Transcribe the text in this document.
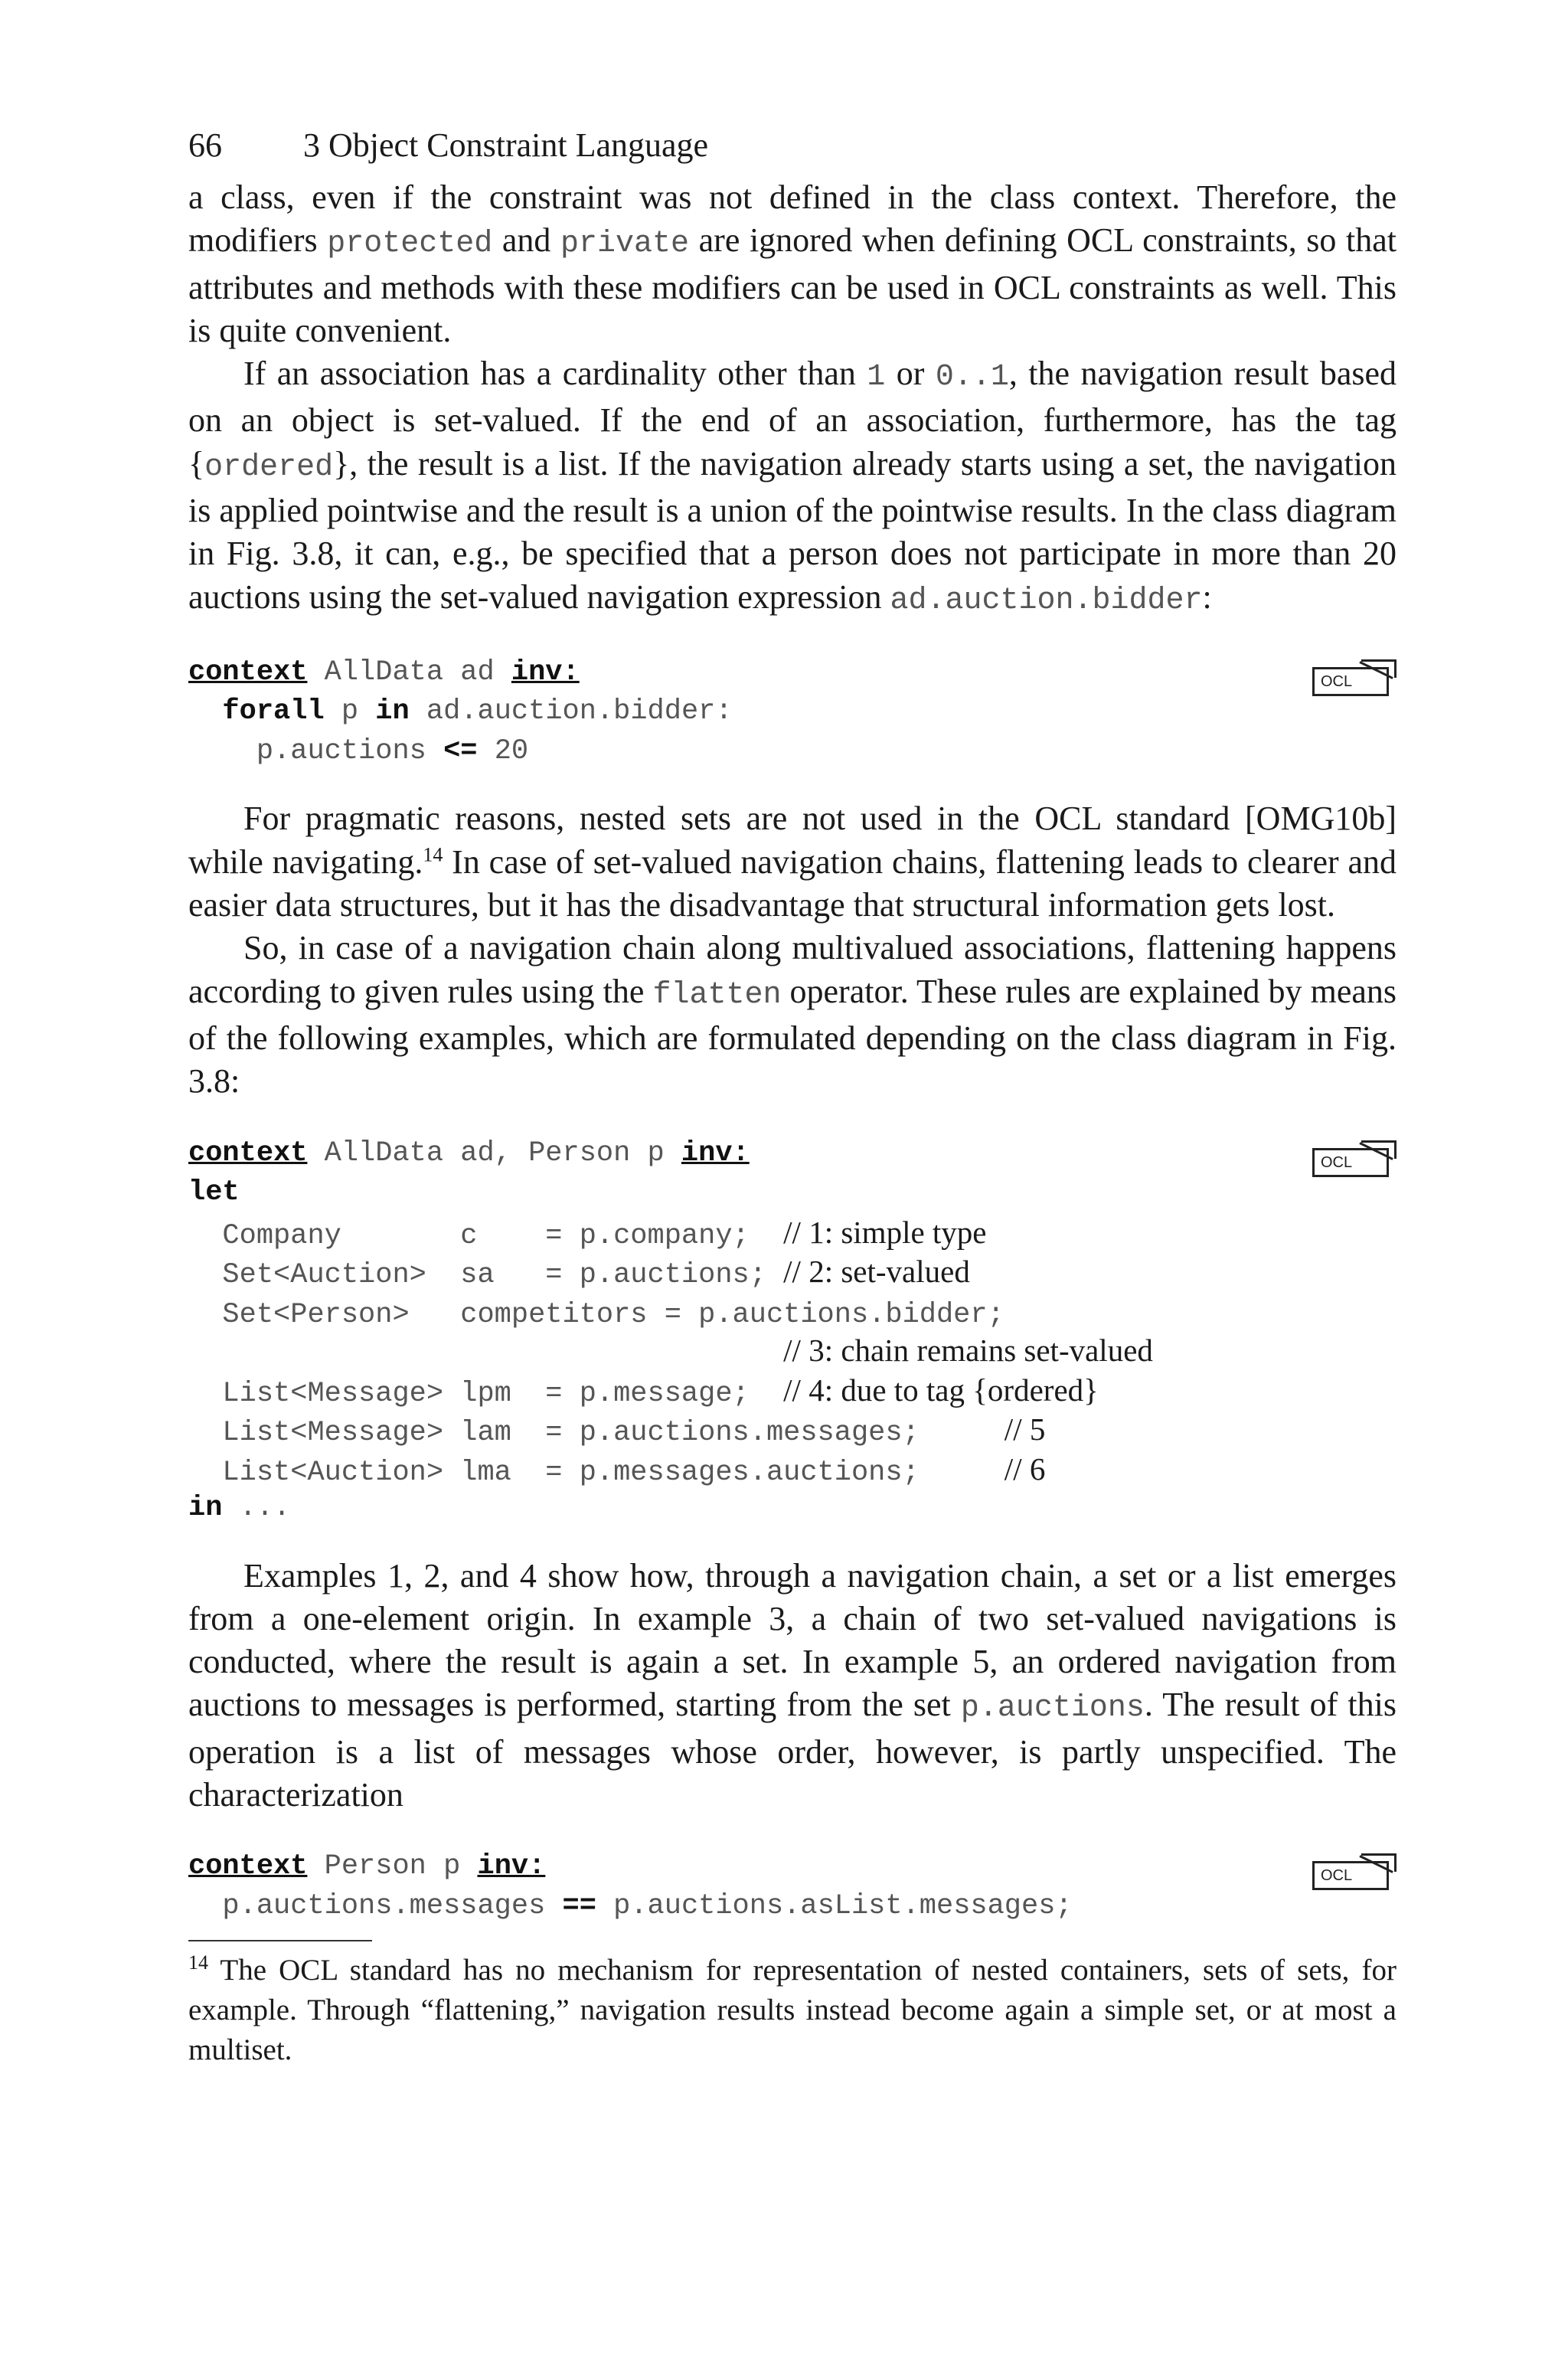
66 3 Object Constraint Language

a class, even if the constraint was not defined in the class context. Therefore, the modifiers protected and private are ignored when defining OCL constraints, so that attributes and methods with these modifiers can be used in OCL constraints as well. This is quite convenient.

If an association has a cardinality other than 1 or 0..1, the navigation result based on an object is set-valued. If the end of an association, furthermore, has the tag {ordered}, the result is a list. If the navigation already starts using a set, the navigation is applied pointwise and the result is a union of the pointwise results. In the class diagram in Fig. 3.8, it can, e.g., be specified that a person does not participate in more than 20 auctions using the set-valued navigation expression ad.auction.bidder:

OCL
context AllData ad inv:
forall p in ad.auction.bidder:
p.auctions <= 20

For pragmatic reasons, nested sets are not used in the OCL standard [OMG10b] while navigating.$^{14}$ In case of set-valued navigation chains, flattening leads to clearer and easier data structures, but it has the disadvantage that structural information gets lost.

So, in case of a navigation chain along multivalued associations, flattening happens according to given rules using the flatten operator. These rules are explained by means of the following examples, which are formulated depending on the class diagram in Fig. 3.8:

OCL
context AllData ad, Person p inv:
let
Company       c    = p.company;  // 1: simple type
Set<Auction>  sa   = p.auctions; // 2: set-valued
Set<Person>   competitors = p.auctions.bidder;
// 3: chain remains set-valued
List<Message> lpm  = p.message;  // 4: due to tag {ordered}
List<Message> lam  = p.auctions.messages;     // 5
List<Auction> lma  = p.messages.auctions;     // 6
in ...

Examples 1, 2, and 4 show how, through a navigation chain, a set or a list emerges from a one-element origin. In example 3, a chain of two set-valued navigations is conducted, where the result is again a set. In example 5, an ordered navigation from auctions to messages is performed, starting from the set p.auctions. The result of this operation is a list of messages whose order, however, is partly unspecified. The characterization

OCL
context Person p inv:
p.auctions.messages == p.auctions.asList.messages;
$^{14}$ The OCL standard has no mechanism for representation of nested containers, sets of sets, for example. Through “flattening,” navigation results instead become again a simple set, or at most a multiset.
